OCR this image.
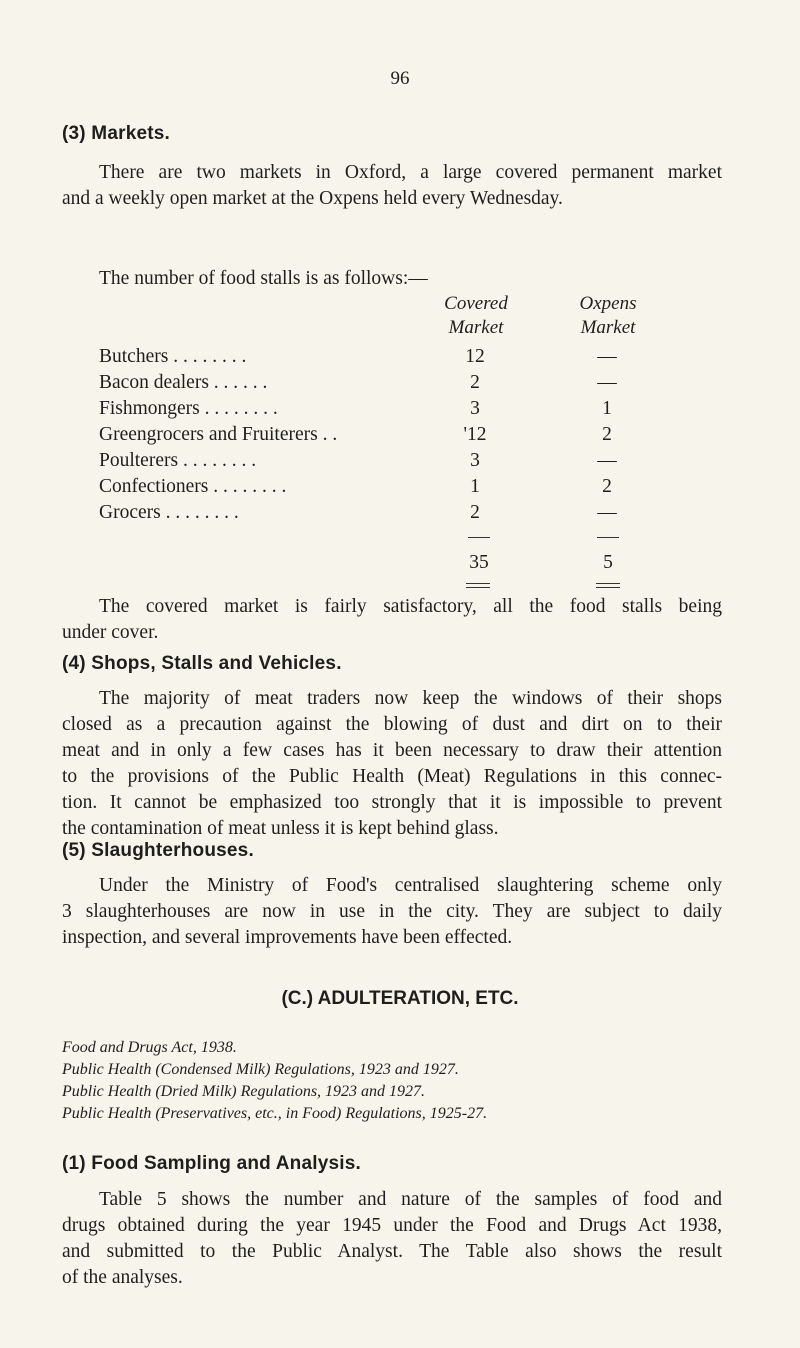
96
(3) Markets.

There are two markets in Oxford, a large covered permanent market
and a weekly open market at the Oxpens held every Wednesday.

The number of food stalls is as follows:—
Covered
Market
Oxpens
Market
Butchers . . . . . . . .	12	—
Bacon dealers . . . . . .	2	—
Fishmongers . . . . . . . .	3	1
Greengrocers and Fruiterers . .	'12	2
Poulterers . . . . . . . .	3	—
Confectioners . . . . . . . .	1	2
Grocers . . . . . . . .	2	—
35	5

The covered market is fairly satisfactory, all the food stalls being
under cover.

(4) Shops, Stalls and Vehicles.

The majority of meat traders now keep the windows of their shops
closed as a precaution against the blowing of dust and dirt on to their
meat and in only a few cases has it been necessary to draw their attention
to the provisions of the Public Health (Meat) Regulations in this connec-
tion. It cannot be emphasized too strongly that it is impossible to prevent
the contamination of meat unless it is kept behind glass.

(5) Slaughterhouses.

Under the Ministry of Food's centralised slaughtering scheme only
3 slaughterhouses are now in use in the city. They are subject to daily
inspection, and several improvements have been effected.

(C.) ADULTERATION, ETC.
Food and Drugs Act, 1938.
Public Health (Condensed Milk) Regulations, 1923 and 1927.
Public Health (Dried Milk) Regulations, 1923 and 1927.
Public Health (Preservatives, etc., in Food) Regulations, 1925-27.
(1) Food Sampling and Analysis.

Table 5 shows the number and nature of the samples of food and
drugs obtained during the year 1945 under the Food and Drugs Act 1938,
and submitted to the Public Analyst. The Table also shows the result
of the analyses.
